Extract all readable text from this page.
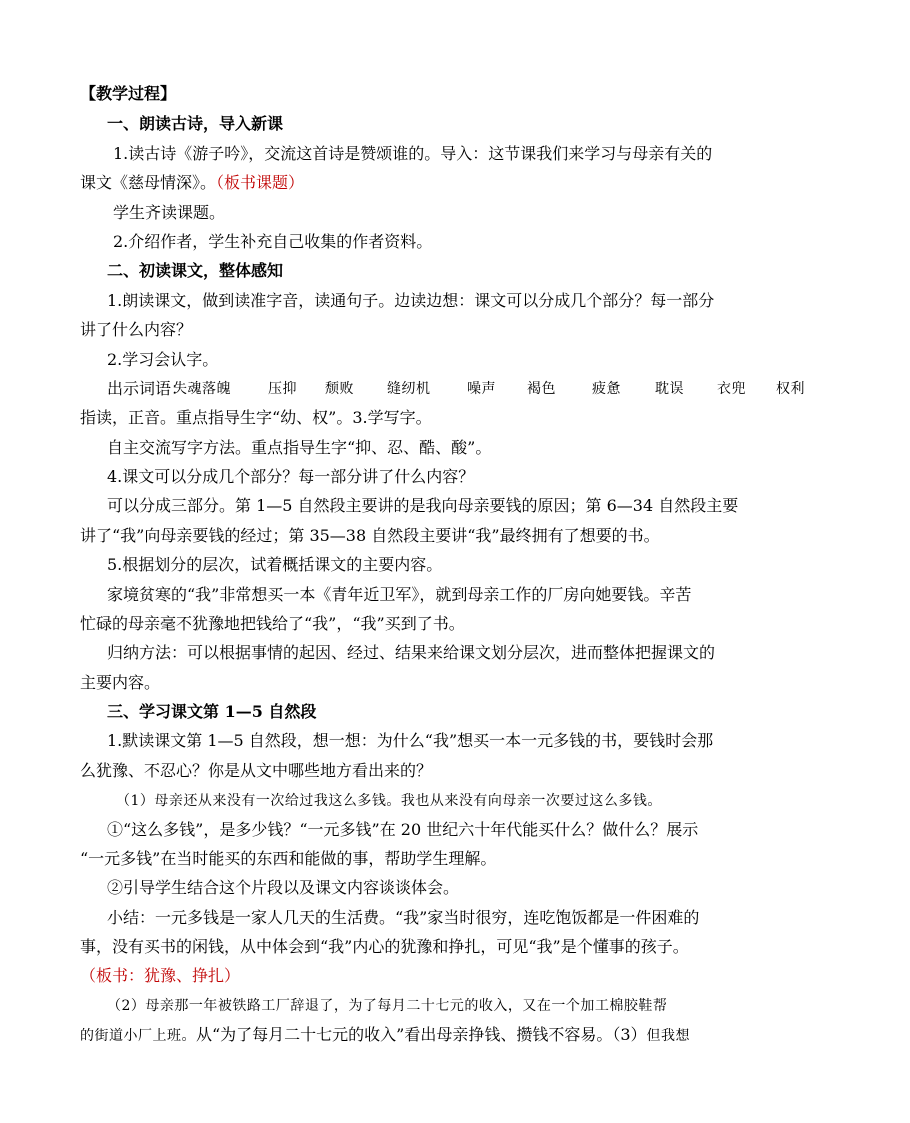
【教学过程】
一、朗读古诗，导入新课
1.读古诗《游子吟》，交流这首诗是赞颂谁的。导入：这节课我们来学习与母亲有关的
课文《慈母情深》。（板书课题）
学生齐读课题。
2.介绍作者，学生补充自己收集的作者资料。
二、初读课文，整体感知
1.朗读课文，做到读准字音，读通句子。边读边想：课文可以分成几个部分？每一部分
讲了什么内容？
2.学习会认字。
出示词语：
失魂落魄	压抑 颓败 缝纫机	噪声 褐色	疲惫 耽误 衣兜 权利
指读，正音。重点指导生字“幼、权”。3.学写字。
自主交流写字方法。重点指导生字“抑、忍、酷、酸”。
4.课文可以分成几个部分？每一部分讲了什么内容？
可以分成三部分。第 1—5 自然段主要讲的是我向母亲要钱的原因；第 6—34 自然段主要
讲了“我”向母亲要钱的经过；第 35—38 自然段主要讲“我”最终拥有了想要的书。
5.根据划分的层次，试着概括课文的主要内容。
家境贫寒的“我”非常想买一本《青年近卫军》，就到母亲工作的厂房向她要钱。辛苦
忙碌的母亲毫不犹豫地把钱给了“我”，“我”买到了书。
归纳方法：可以根据事情的起因、经过、结果来给课文划分层次，进而整体把握课文的
主要内容。
三、学习课文第 1—5 自然段
1.默读课文第 1—5 自然段，想一想：为什么“我”想买一本一元多钱的书，要钱时会那
么犹豫、不忍心？你是从文中哪些地方看出来的？
（1）母亲还从来没有一次给过我这么多钱。我也从来没有向母亲一次要过这么多钱。
①“这么多钱”，是多少钱？“一元多钱”在 20 世纪六十年代能买什么？做什么？展示
“一元多钱”在当时能买的东西和能做的事，帮助学生理解。
②引导学生结合这个片段以及课文内容谈谈体会。
小结：一元多钱是一家人几天的生活费。“我”家当时很穷，连吃饱饭都是一件困难的
事，没有买书的闲钱，从中体会到“我”内心的犹豫和挣扎，可见“我”是个懂事的孩子。
（板书：犹豫、挣扎）
（2）母亲那一年被铁路工厂辞退了，为了每月二十七元的收入，又在一个加工棉胶鞋帮
的街道小厂上班。从“为了每月二十七元的收入”看出母亲挣钱、攒钱不容易。（3）但我想
